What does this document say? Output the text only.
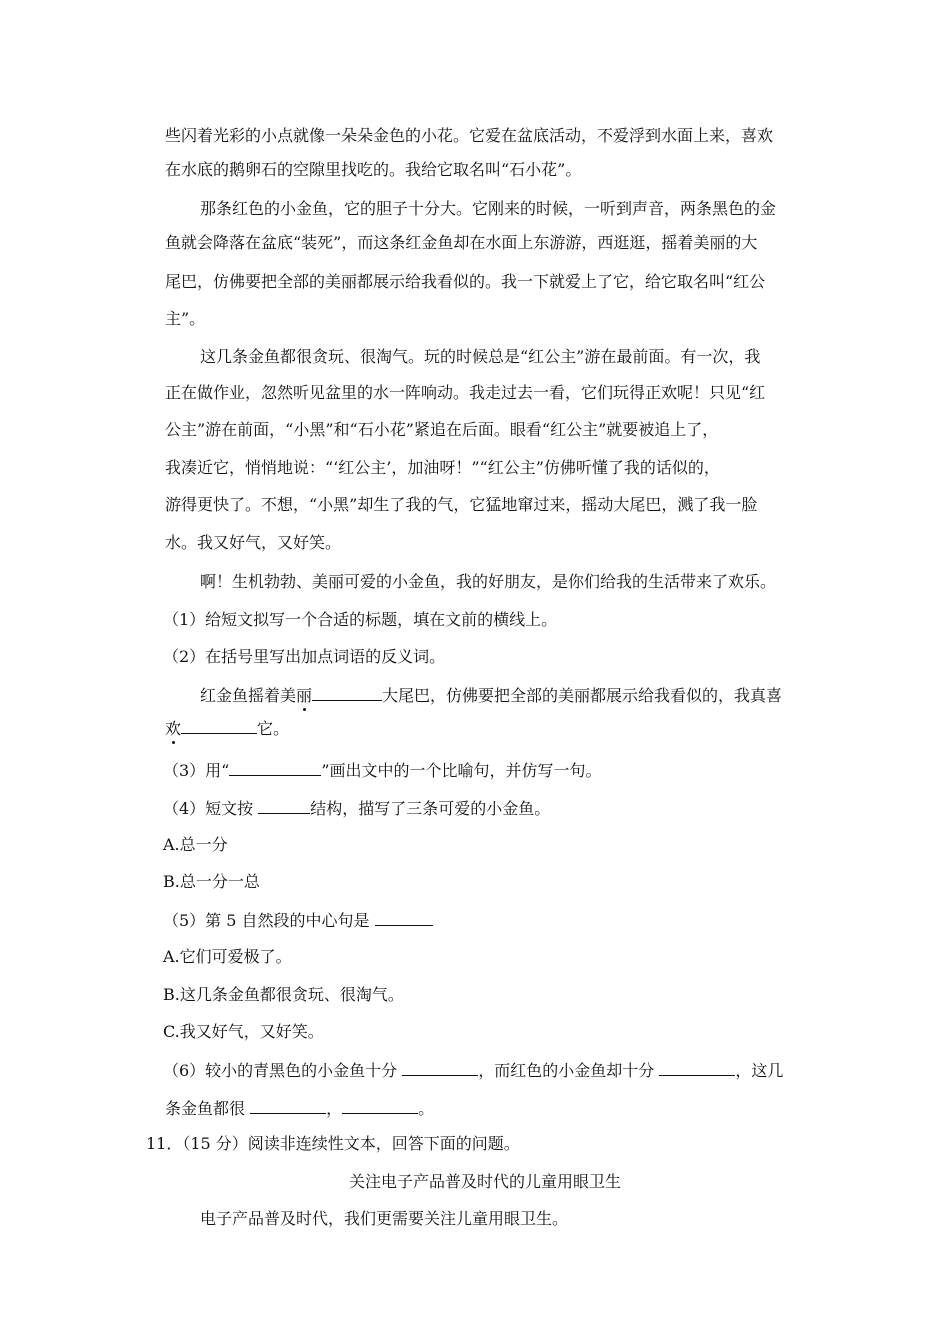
些闪着光彩的小点就像一朵朵金色的小花。它爱在盆底活动，不爱浮到水面上来，喜欢
在水底的鹅卵石的空隙里找吃的。我给它取名叫“石小花”。
那条红色的小金鱼，它的胆子十分大。它刚来的时候，一听到声音，两条黑色的金
鱼就会降落在盆底“装死”，而这条红金鱼却在水面上东游游，西逛逛，摇着美丽的大
尾巴，仿佛要把全部的美丽都展示给我看似的。我一下就爱上了它，给它取名叫“红公
主”。
这几条金鱼都很贪玩、很淘气。玩的时候总是“红公主”游在最前面。有一次，我
正在做作业，忽然听见盆里的水一阵响动。我走过去一看，它们玩得正欢呢！只见“红
公主”游在前面，“小黑”和“石小花”紧追在后面。眼看“红公主”就要被追上了，
我凑近它，悄悄地说：“‘红公主’，加油呀！”“红公主”仿佛听懂了我的话似的，
游得更快了。不想，“小黑”却生了我的气，它猛地窜过来，摇动大尾巴，溅了我一脸
水。我又好气，又好笑。
啊！生机勃勃、美丽可爱的小金鱼，我的好朋友，是你们给我的生活带来了欢乐。
（1）给短文拟写一个合适的标题，填在文前的横线上。
（2）在括号里写出加点词语的反义词。
红金鱼摇着美丽	大尾巴，仿佛要把全部的美丽都展示给我看似的，我真喜
欢	它。
（3）用“	”画出文中的一个比喻句，并仿写一句。
（4）短文按	结构，描写了三条可爱的小金鱼。
A.总一分
B.总一分一总
（5）第 5 自然段的中心句是
A.它们可爱极了。
B.这几条金鱼都很贪玩、很淘气。
C.我又好气，又好笑。
（6）较小的青黑色的小金鱼十分	，而红色的小金鱼却十分	，这几
条金鱼都很	，	。
11．（15 分）阅读非连续性文本，回答下面的问题。
关注电子产品普及时代的儿童用眼卫生
电子产品普及时代，我们更需要关注儿童用眼卫生。
